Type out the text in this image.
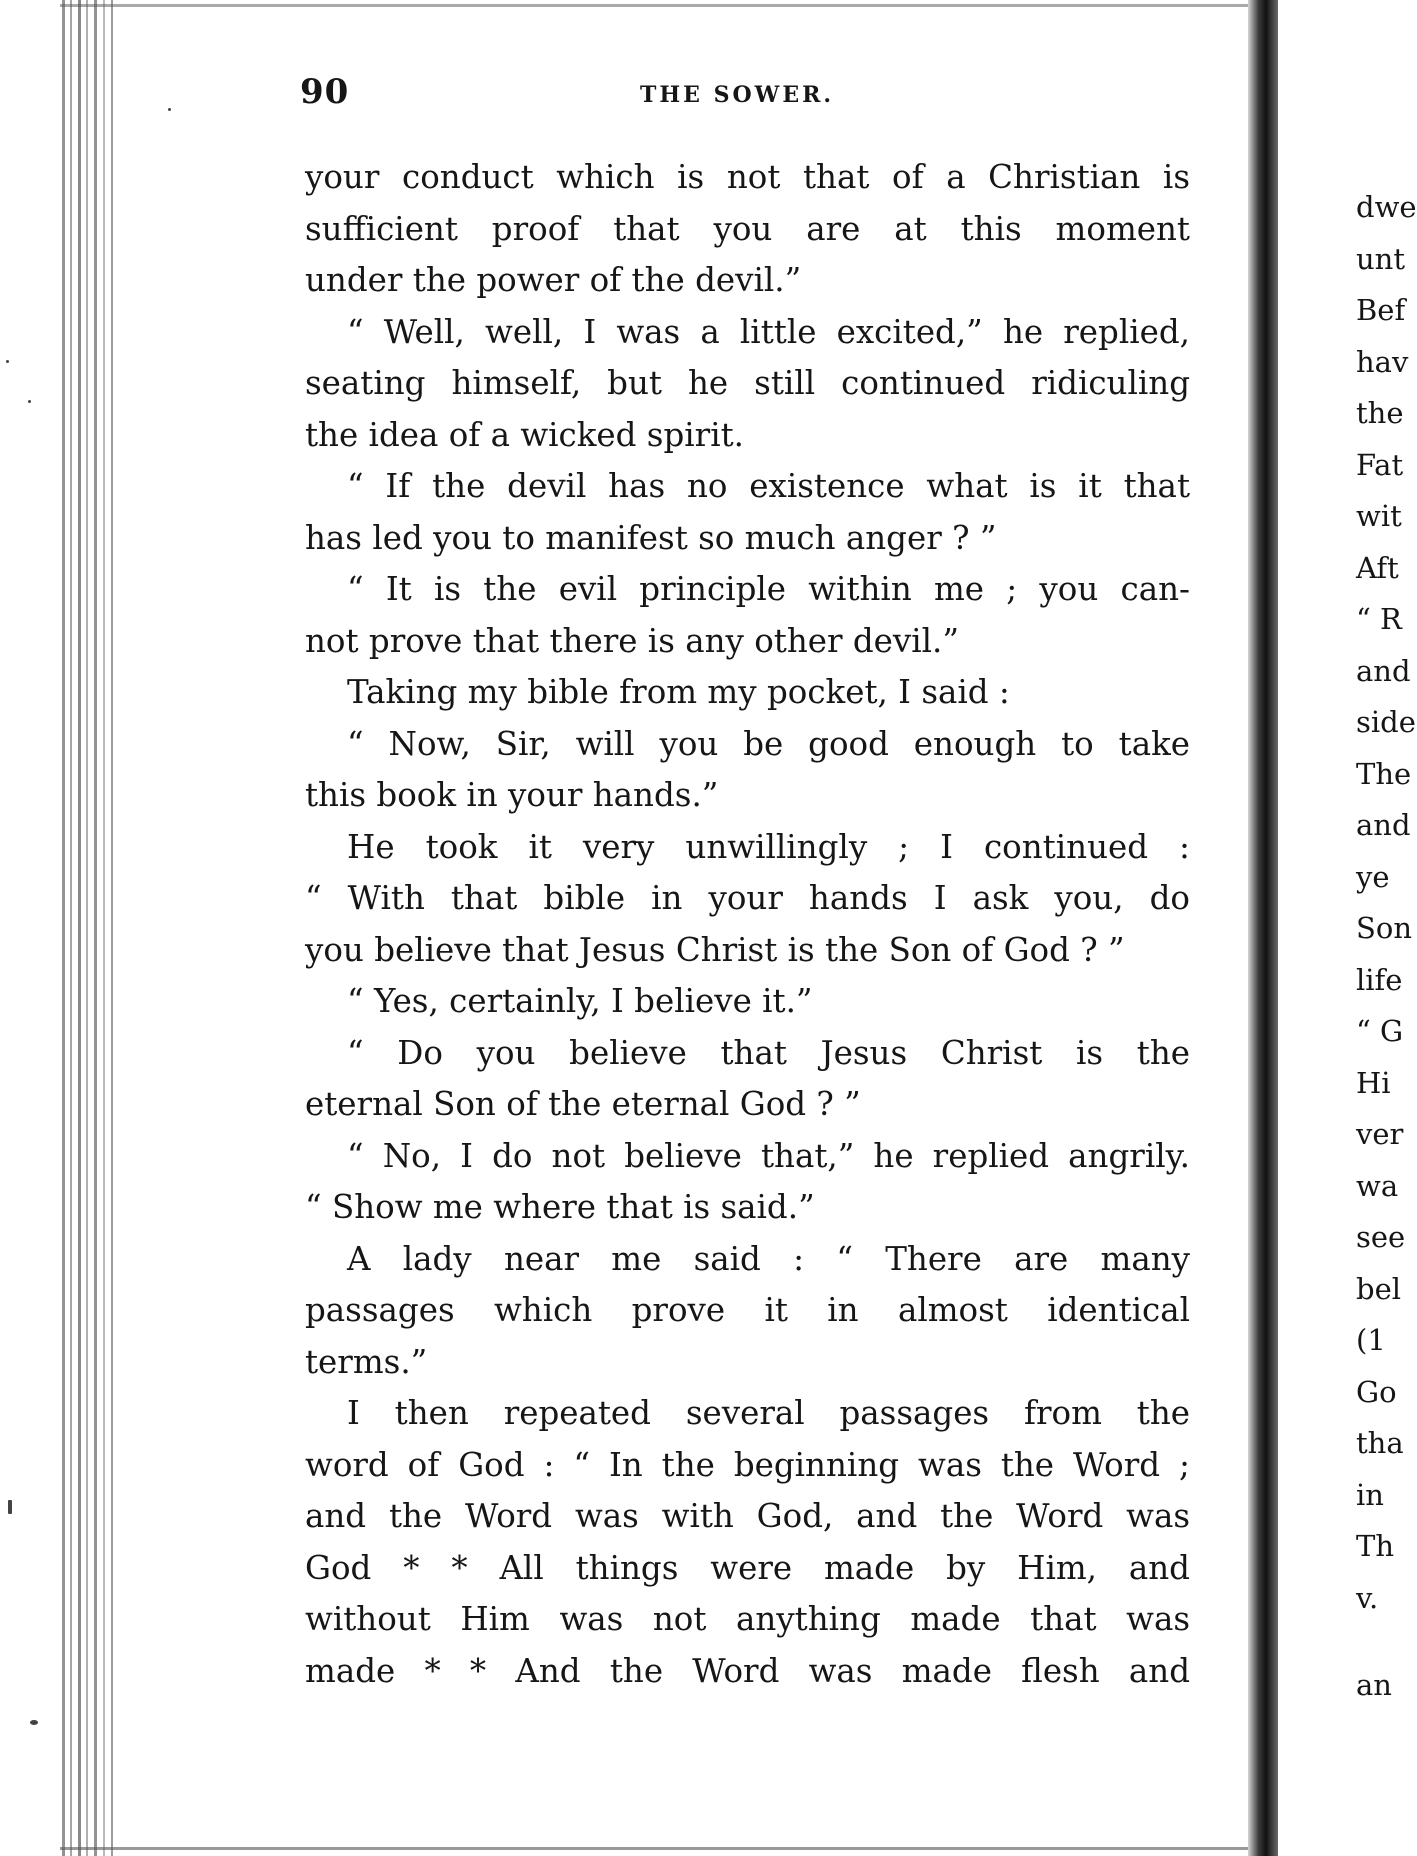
90	THE SOWER.
your conduct which is not that of a Christian is
sufficient proof that you are at this moment
under the power of the devil.”
“ Well, well, I was a little excited,” he replied,
seating himself, but he still continued ridiculing
the idea of a wicked spirit.
“ If the devil has no existence what is it that
has led you to manifest so much anger ? ”
“ It is the evil principle within me ; you can-
not prove that there is any other devil.”
Taking my bible from my pocket, I said :
“ Now, Sir, will you be good enough to take
this book in your hands.”
He took it very unwillingly ; I continued :
“ With that bible in your hands I ask you, do
you believe that Jesus Christ is the Son of God ? ”
“ Yes, certainly, I believe it.”
“ Do you believe that Jesus Christ is the
eternal Son of the eternal God ? ”
“ No, I do not believe that,” he replied angrily.
“ Show me where that is said.”
A lady near me said : “ There are many
passages which prove it in almost identical
terms.”
I then repeated several passages from the
word of God : “ In the beginning was the Word ;
and the Word was with God, and the Word was
God * * All things were made by Him, and
without Him was not anything made that was
made * * And the Word was made flesh and
dwe
unt
Bef
hav
the
Fat
wit
Aft
“ R
and
side
The
and
ye
Son
life
“ G
Hi
ver
wa
see
bel
(1
Go
tha
in
Th
v.
an
